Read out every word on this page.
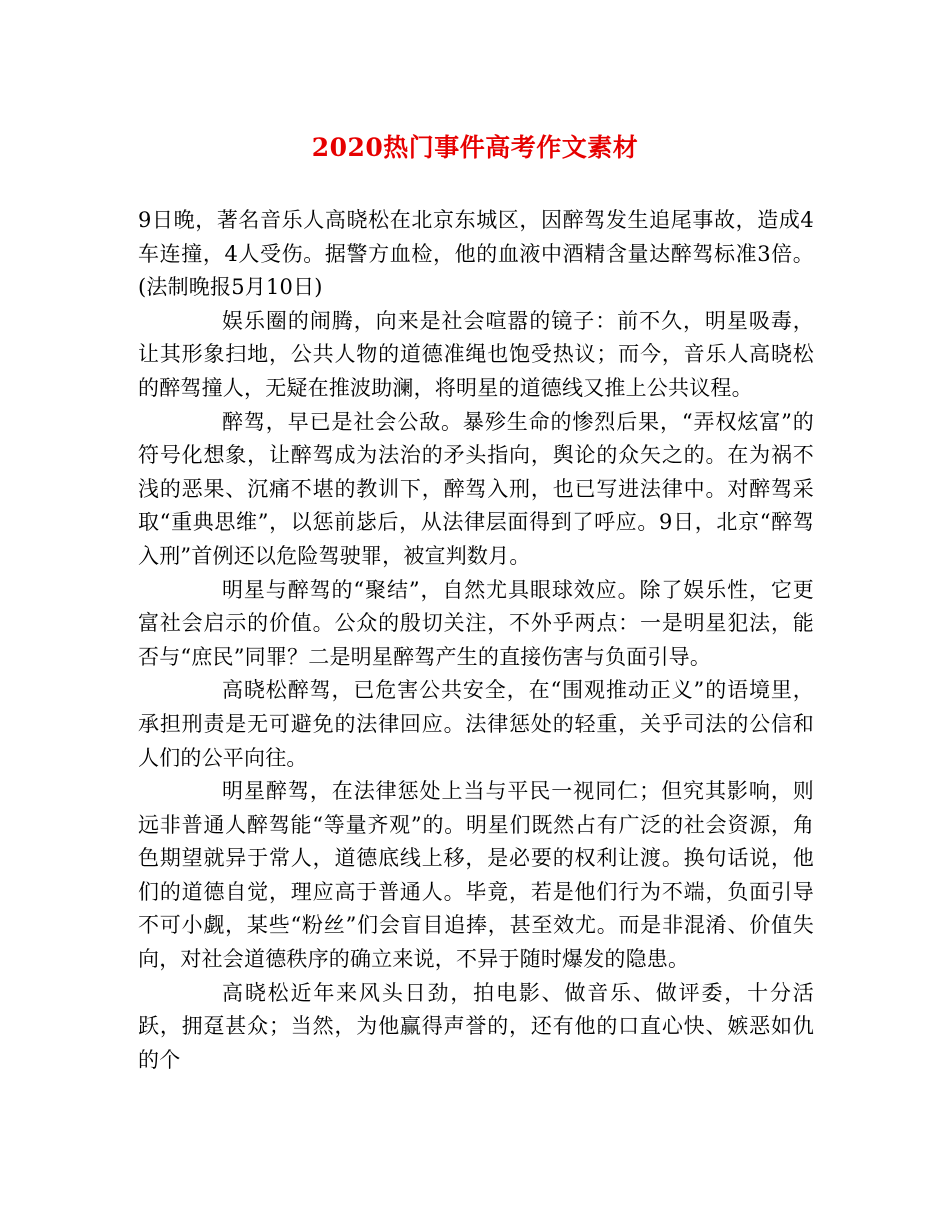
2020热门事件高考作文素材

9日晚，著名音乐人高晓松在北京东城区，因醉驾发生追尾事故，造成4车连撞，4人受伤。据警方血检，他的血液中酒精含量达醉驾标准3倍。(法制晚报5月10日)

娱乐圈的闹腾，向来是社会喧嚣的镜子：前不久，明星吸毒，让其形象扫地，公共人物的道德准绳也饱受热议；而今，音乐人高晓松的醉驾撞人，无疑在推波助澜，将明星的道德线又推上公共议程。

醉驾，早已是社会公敌。暴殄生命的惨烈后果，“弄权炫富”的符号化想象，让醉驾成为法治的矛头指向，舆论的众矢之的。在为祸不浅的恶果、沉痛不堪的教训下，醉驾入刑，也已写进法律中。对醉驾采取“重典思维”，以惩前毖后，从法律层面得到了呼应。9日，北京“醉驾入刑”首例还以危险驾驶罪，被宣判数月。

明星与醉驾的“聚结”，自然尤具眼球效应。除了娱乐性，它更富社会启示的价值。公众的殷切关注，不外乎两点：一是明星犯法，能否与“庶民”同罪？二是明星醉驾产生的直接伤害与负面引导。

高晓松醉驾，已危害公共安全，在“围观推动正义”的语境里，承担刑责是无可避免的法律回应。法律惩处的轻重，关乎司法的公信和人们的公平向往。

明星醉驾，在法律惩处上当与平民一视同仁；但究其影响，则远非普通人醉驾能“等量齐观”的。明星们既然占有广泛的社会资源，角色期望就异于常人，道德底线上移，是必要的权利让渡。换句话说，他们的道德自觉，理应高于普通人。毕竟，若是他们行为不端，负面引导不可小觑，某些“粉丝”们会盲目追捧，甚至效尤。而是非混淆、价值失向，对社会道德秩序的确立来说，不异于随时爆发的隐患。

高晓松近年来风头日劲，拍电影、做音乐、做评委，十分活跃，拥趸甚众；当然，为他赢得声誉的，还有他的口直心快、嫉恶如仇的个
